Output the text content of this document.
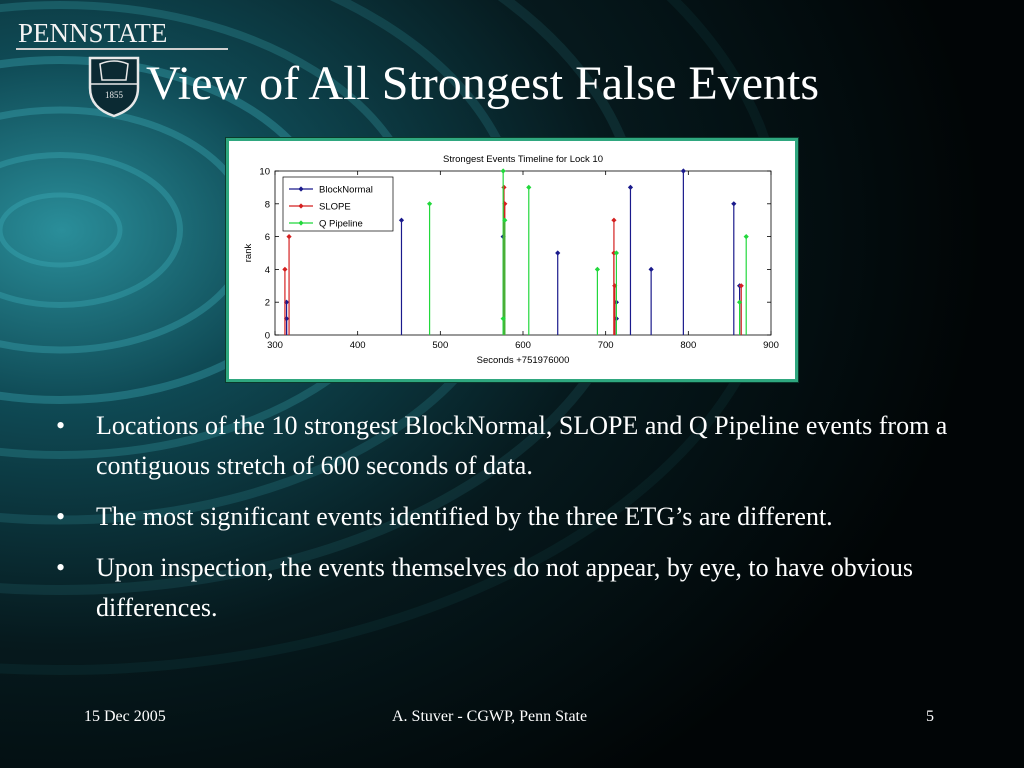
PENNSTATE
1855 View of All Strongest False Events
Strongest Events Timeline for Lock 10
Seconds +751976000
rank
300	400	500	600	700	800	900
0
2
4
6
8
10
BlockNormal
SLOPE
Q Pipeline
• Locations of the 10 strongest BlockNormal, SLOPE and Q Pipeline events from a contiguous stretch of 600 seconds of data.
• The most significant events identified by the three ETG’s are different.
• Upon inspection, the events themselves do not appear, by eye, to have obvious differences.
15 Dec 2005	A. Stuver - CGWP, Penn State	5
